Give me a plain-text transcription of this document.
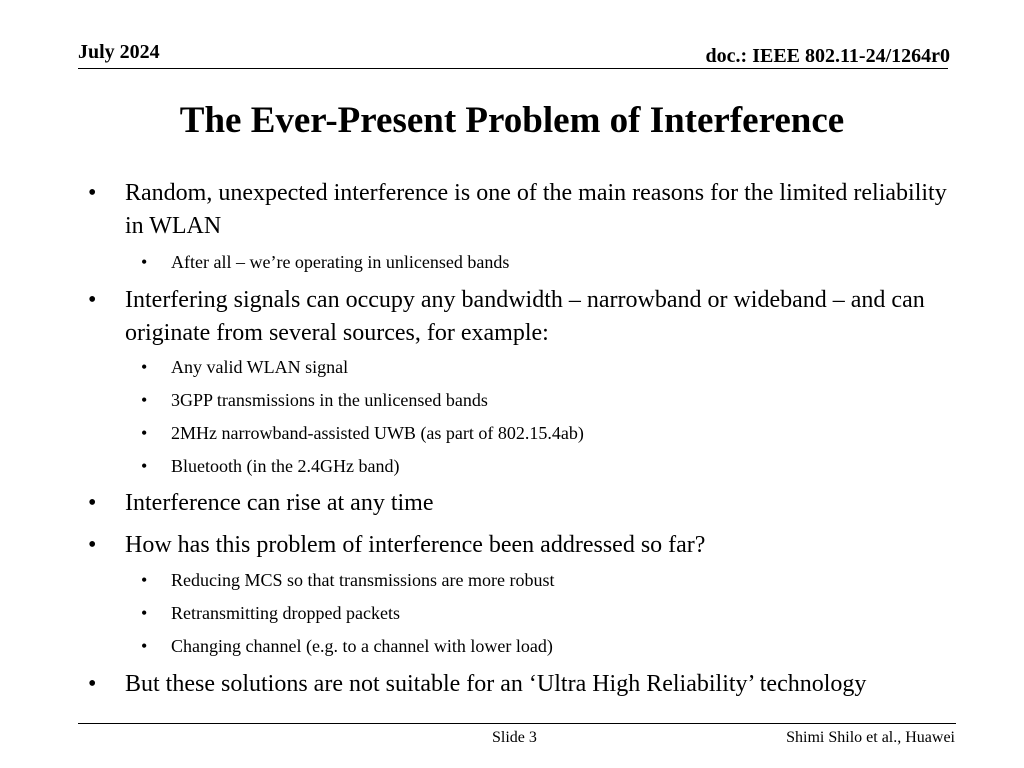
July 2024	doc.: IEEE 802.11-24/1264r0
The Ever-Present Problem of Interference
• Random, unexpected interference is one of the main reasons for the limited reliability in WLAN

• After all – we’re operating in unlicensed bands

• Interfering signals can occupy any bandwidth – narrowband or wideband – and can originate from several sources, for example:

• Any valid WLAN signal

• 3GPP transmissions in the unlicensed bands

• 2MHz narrowband-assisted UWB (as part of 802.15.4ab)

• Bluetooth (in the 2.4GHz band)

• Interference can rise at any time

• How has this problem of interference been addressed so far?

• Reducing MCS so that transmissions are more robust

• Retransmitting dropped packets

• Changing channel (e.g. to a channel with lower load)

• But these solutions are not suitable for an ‘Ultra High Reliability’ technology

Slide 3	Shimi Shilo et al., Huawei
